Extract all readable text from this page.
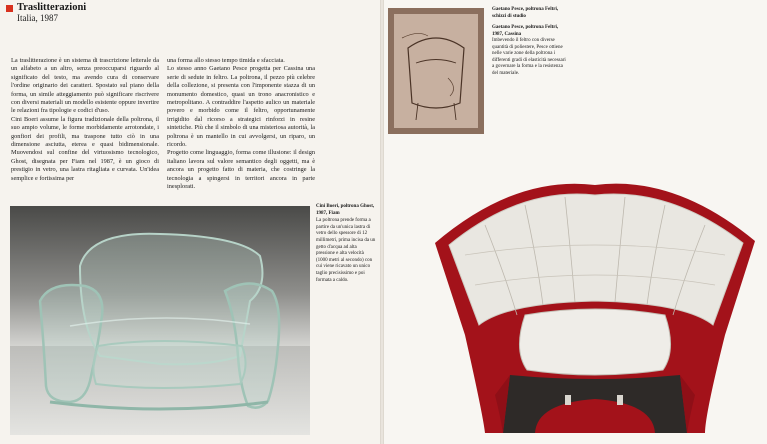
Traslitterazioni
Italia, 1987

La traslitterazione è un sistema di trascrizione letterale da un alfabeto a un altro, senza preoccuparsi riguardo al significato del testo, ma avendo cura di conservare l'ordine originario dei caratteri. Spostato sul piano della forma, un simile atteggiamento può significare riscrivere con diversi materiali un modello esistente oppure invertire le relazioni fra tipologie e codici d'uso.

Cini Boeri assume la figura tradizionale della poltrona, il suo ampio volume, le forme morbidamente arrotondate, i gonfiori dei profili, ma traspone tutto ciò in una dimensione asciutta, eterea e quasi bidimensionale. Muovendosi sul confine del virtuosismo tecnologico, Ghost, disegnata per Fiam nel 1987, è un gioco di prestigio in vetro, una lastra ritagliata e curvata. Un'idea semplice e fortissima per

una forma allo stesso tempo timida e sfacciata.

Lo stesso anno Gaetano Pesce progetta per Cassina una serie di sedute in feltro. La poltrona, il pezzo più celebre della collezione, si presenta con l'imponente stazza di un monumento domestico, quasi un trono anacronistico e metropolitano. A contraddire l'aspetto aulico un materiale povero e morbido come il feltro, opportunamente irrigidito dal ricorso a strategici rinforzi in resine sintetiche. Più che il simbolo di una misteriosa autorità, la poltrona è un mantello in cui avvolgersi, un riparo, un ricordo.

Progetto come linguaggio, forma come illusione: il design italiano lavora sul valore semantico degli oggetti, ma è ancora un progetto fatto di materia, che costringe la tecnologia a spingersi in territori ancora in parte inesplorati.

Cini Boeri, poltrona Ghost, 1987, Fiam
La poltrona prende forma a partire da un'unica lastra di vetro dello spessore di 12 millimetri, prima incisa da un getto d'acqua ad alta pressione e alta velocità (1000 metri al secondo) con cui viene ricavato un unico taglio precisissimo e poi formata a caldo.
Gaetano Pesce, poltrona Feltri, schizzi di studio
Gaetano Pesce, poltrona Feltri, 1987, Cassina
Imbevendo il feltro con diverse quantità di poliestere, Pesce ottiene nelle varie zone della poltrona i differenti gradi di elasticità necessari a governare la forma e la resistenza del materiale.
